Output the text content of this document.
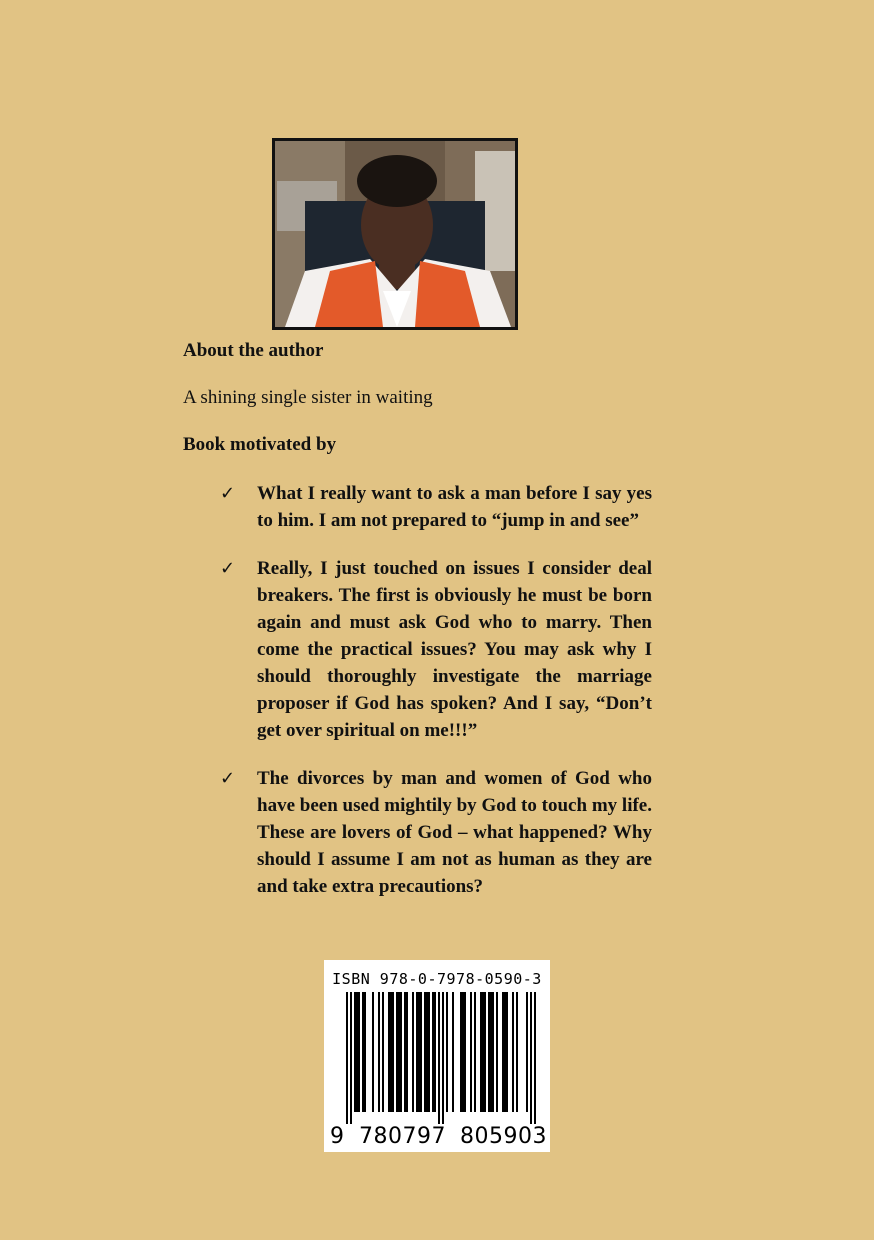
About the author
A shining single sister in waiting
Book motivated by
✓ What I really want to ask a man before I say yes to him. I am not prepared to “jump in and see”
✓ Really, I just touched on issues I consider deal breakers. The first is obviously he must be born again and must ask God who to marry. Then come the practical issues? You may ask why I should thoroughly investigate the marriage proposer if God has spoken? And I say, “Don’t get over spiritual on me!!!”
✓ The divorces by man and women of God who have been used mightily by God to touch my life. These are lovers of God – what happened? Why should I assume I am not as human as they are and take extra precautions?
ISBN 978-0-7978-0590-3
9 780797 805903
